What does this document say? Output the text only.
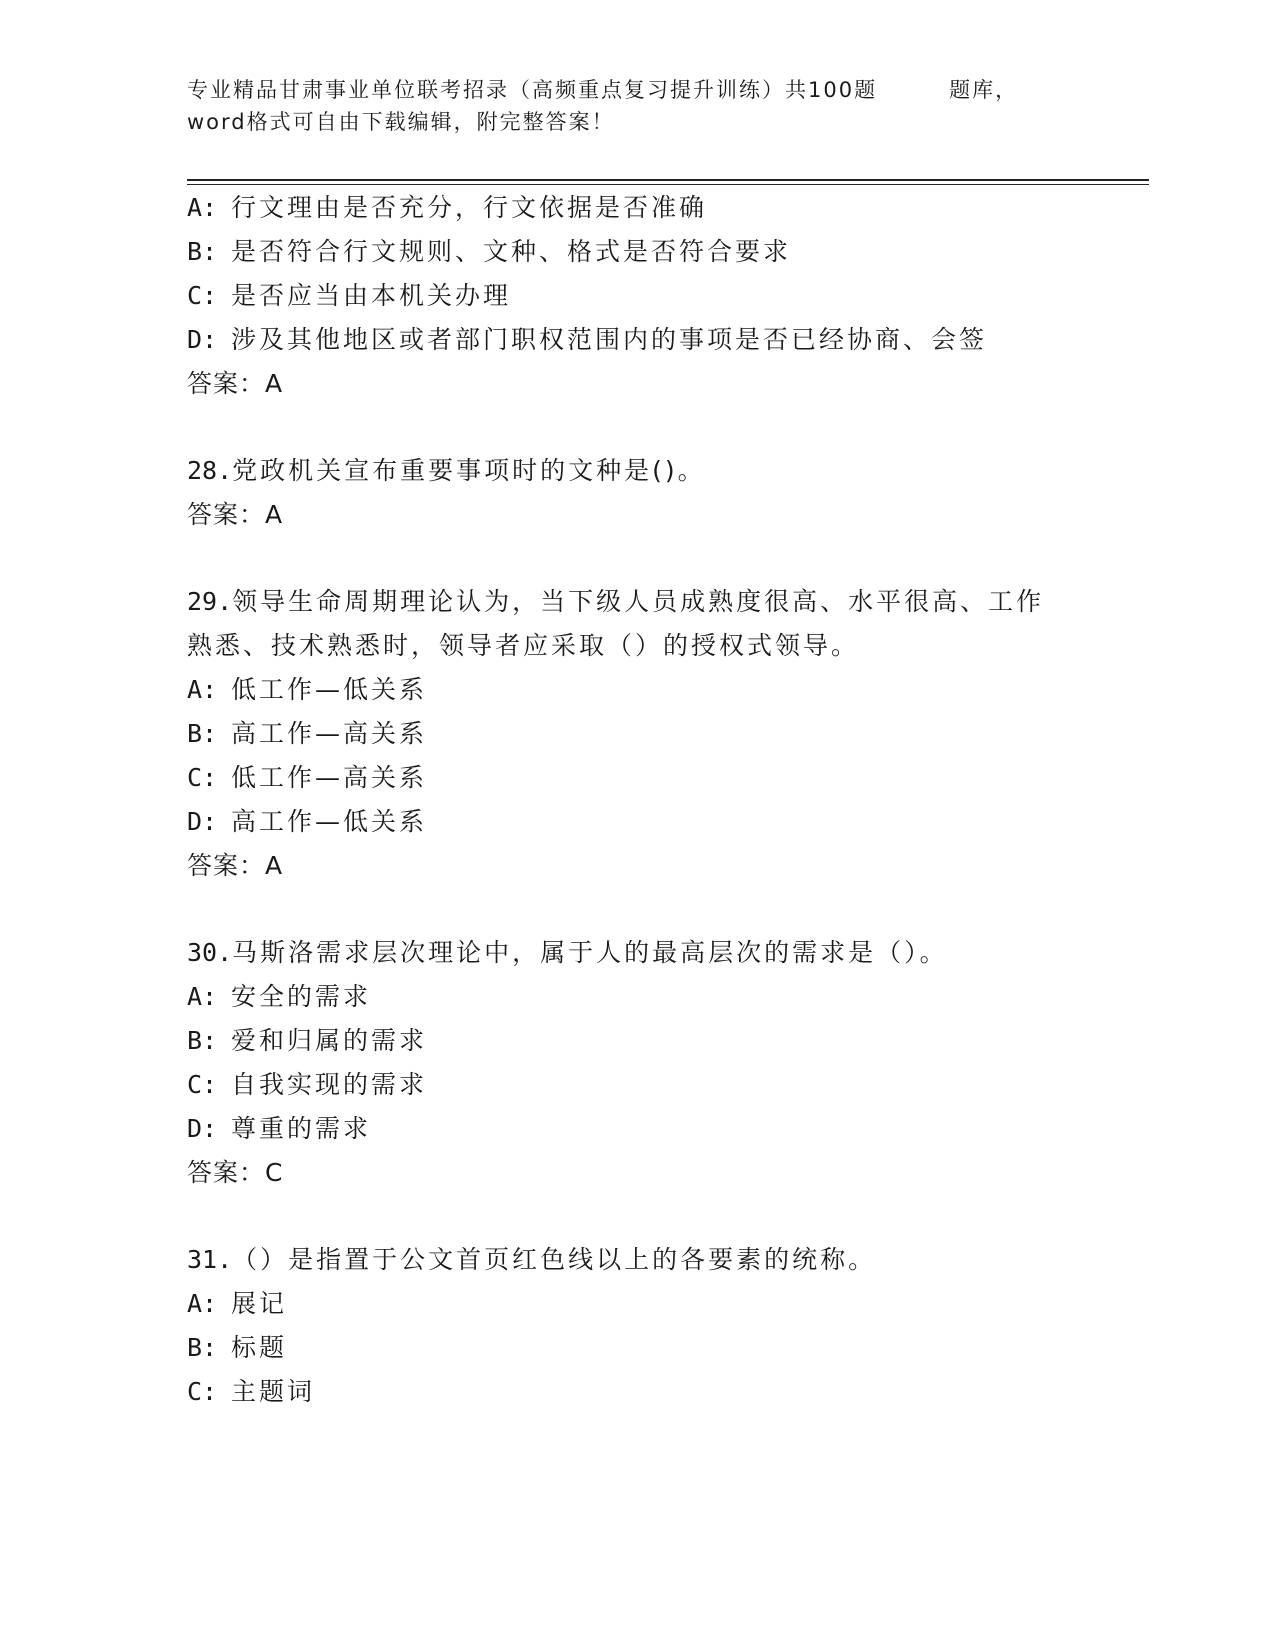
专业精品甘肃事业单位联考招录（高频重点复习提升训练）共100题	题库，
word格式可自由下载编辑，附完整答案！
A: 行文理由是否充分，行文依据是否准确
B: 是否符合行文规则、文种、格式是否符合要求
C: 是否应当由本机关办理
D: 涉及其他地区或者部门职权范围内的事项是否已经协商、会签
答案：A
28.党政机关宣布重要事项时的文种是()。
答案：A
29.领导生命周期理论认为，当下级人员成熟度很高、水平很高、工作
熟悉、技术熟悉时，领导者应采取（）的授权式领导。
A: 低工作—低关系
B: 高工作—高关系
C: 低工作—高关系
D: 高工作—低关系
答案：A
30.马斯洛需求层次理论中，属于人的最高层次的需求是（）。
A: 安全的需求
B: 爱和归属的需求
C: 自我实现的需求
D: 尊重的需求
答案：C
31.（）是指置于公文首页红色线以上的各要素的统称。
A: 展记
B: 标题
C: 主题词
